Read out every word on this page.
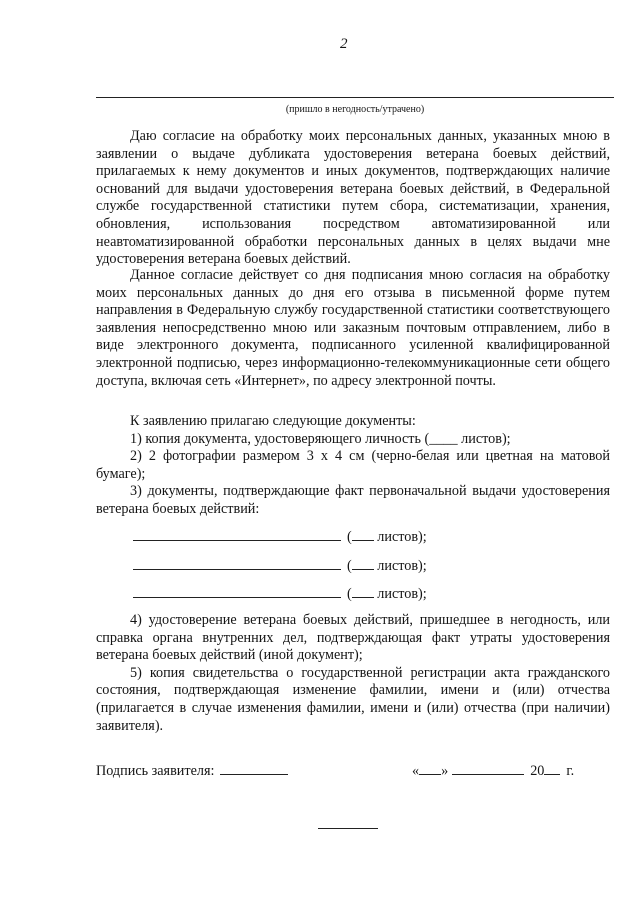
2
(пришло в негодность/утрачено)

Даю согласие на обработку моих персональных данных, указанных мною в заявлении о выдаче дубликата удостоверения ветерана боевых действий, прилагаемых к нему документов и иных документов, подтверждающих наличие оснований для выдачи удостоверения ветерана боевых действий, в Федеральной службе государственной статистики путем сбора, систематизации, хранения, обновления, использования посредством автоматизированной или неавтоматизированной обработки персональных данных в целях выдачи мне удостоверения ветерана боевых действий.

Данное согласие действует со дня подписания мною согласия на обработку моих персональных данных до дня его отзыва в письменной форме путем направления в Федеральную службу государственной статистики соответствующего заявления непосредственно мною или заказным почтовым отправлением, либо в виде электронного документа, подписанного усиленной квалифицированной электронной подписью, через информационно-телекоммуникационные сети общего доступа, включая сеть «Интернет», по адресу электронной почты.

К заявлению прилагаю следующие документы:

1) копия документа, удостоверяющего личность (____ листов);

2) 2 фотографии размером 3 х 4 см (черно-белая или цветная на матовой бумаге);

3) документы, подтверждающие факт первоначальной выдачи удостоверения ветерана боевых действий:

( листов);
( листов);
( листов);

4) удостоверение ветерана боевых действий, пришедшее в негодность, или справка органа внутренних дел, подтверждающая факт утраты удостоверения ветерана боевых действий (иной документ);

5) копия свидетельства о государственной регистрации акта гражданского состояния, подтверждающая изменение фамилии, имени и (или) отчества (прилагается в случае изменения фамилии, имени и (или) отчества (при наличии) заявителя).

Подпись заявителя:	« »	20 г.
